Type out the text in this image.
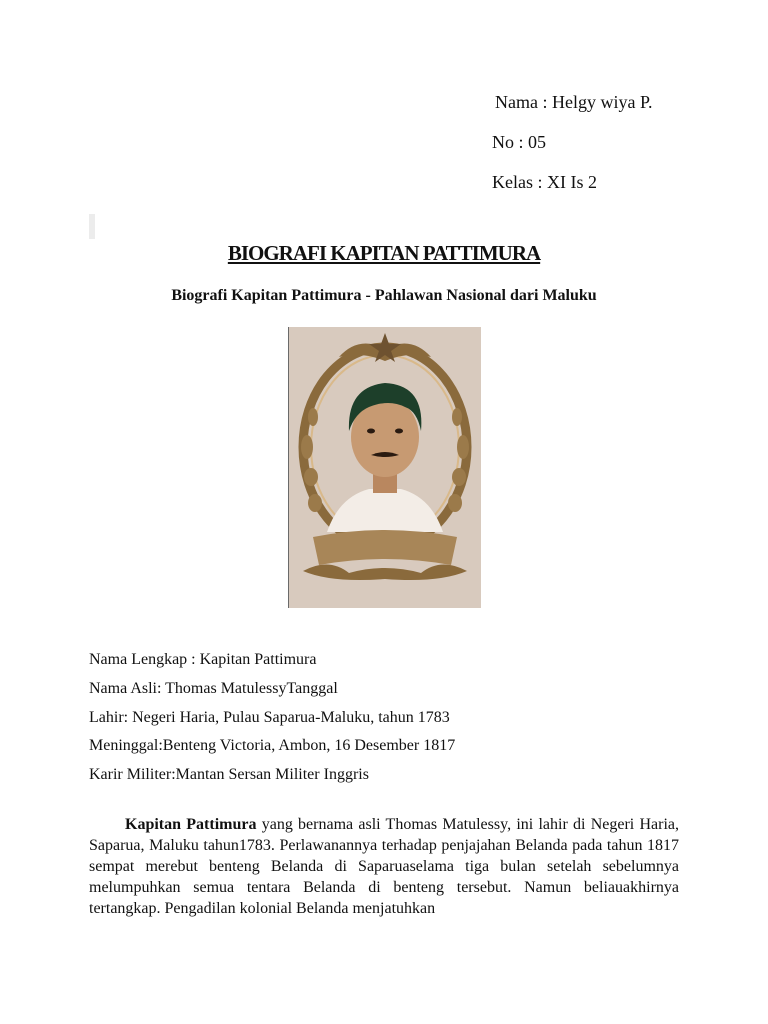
Nama : Helgy wiya P.
No : 05
Kelas : XI Is 2
BIOGRAFI KAPITAN PATTIMURA
Biografi Kapitan Pattimura - Pahlawan Nasional dari Maluku
Nama Lengkap : Kapitan Pattimura
Nama Asli: Thomas MatulessyTanggal
Lahir: Negeri Haria, Pulau Saparua-Maluku, tahun 1783
Meninggal:Benteng Victoria, Ambon, 16 Desember 1817
Karir Militer:Mantan Sersan Militer Inggris
Kapitan Pattimura yang bernama asli Thomas Matulessy, ini lahir di Negeri Haria, Saparua, Maluku tahun1783. Perlawanannya terhadap penjajahan Belanda pada tahun 1817 sempat merebut benteng Belanda di Saparuaselama tiga bulan setelah sebelumnya melumpuhkan semua tentara Belanda di benteng tersebut. Namun beliauakhirnya tertangkap. Pengadilan kolonial Belanda menjatuhkan
